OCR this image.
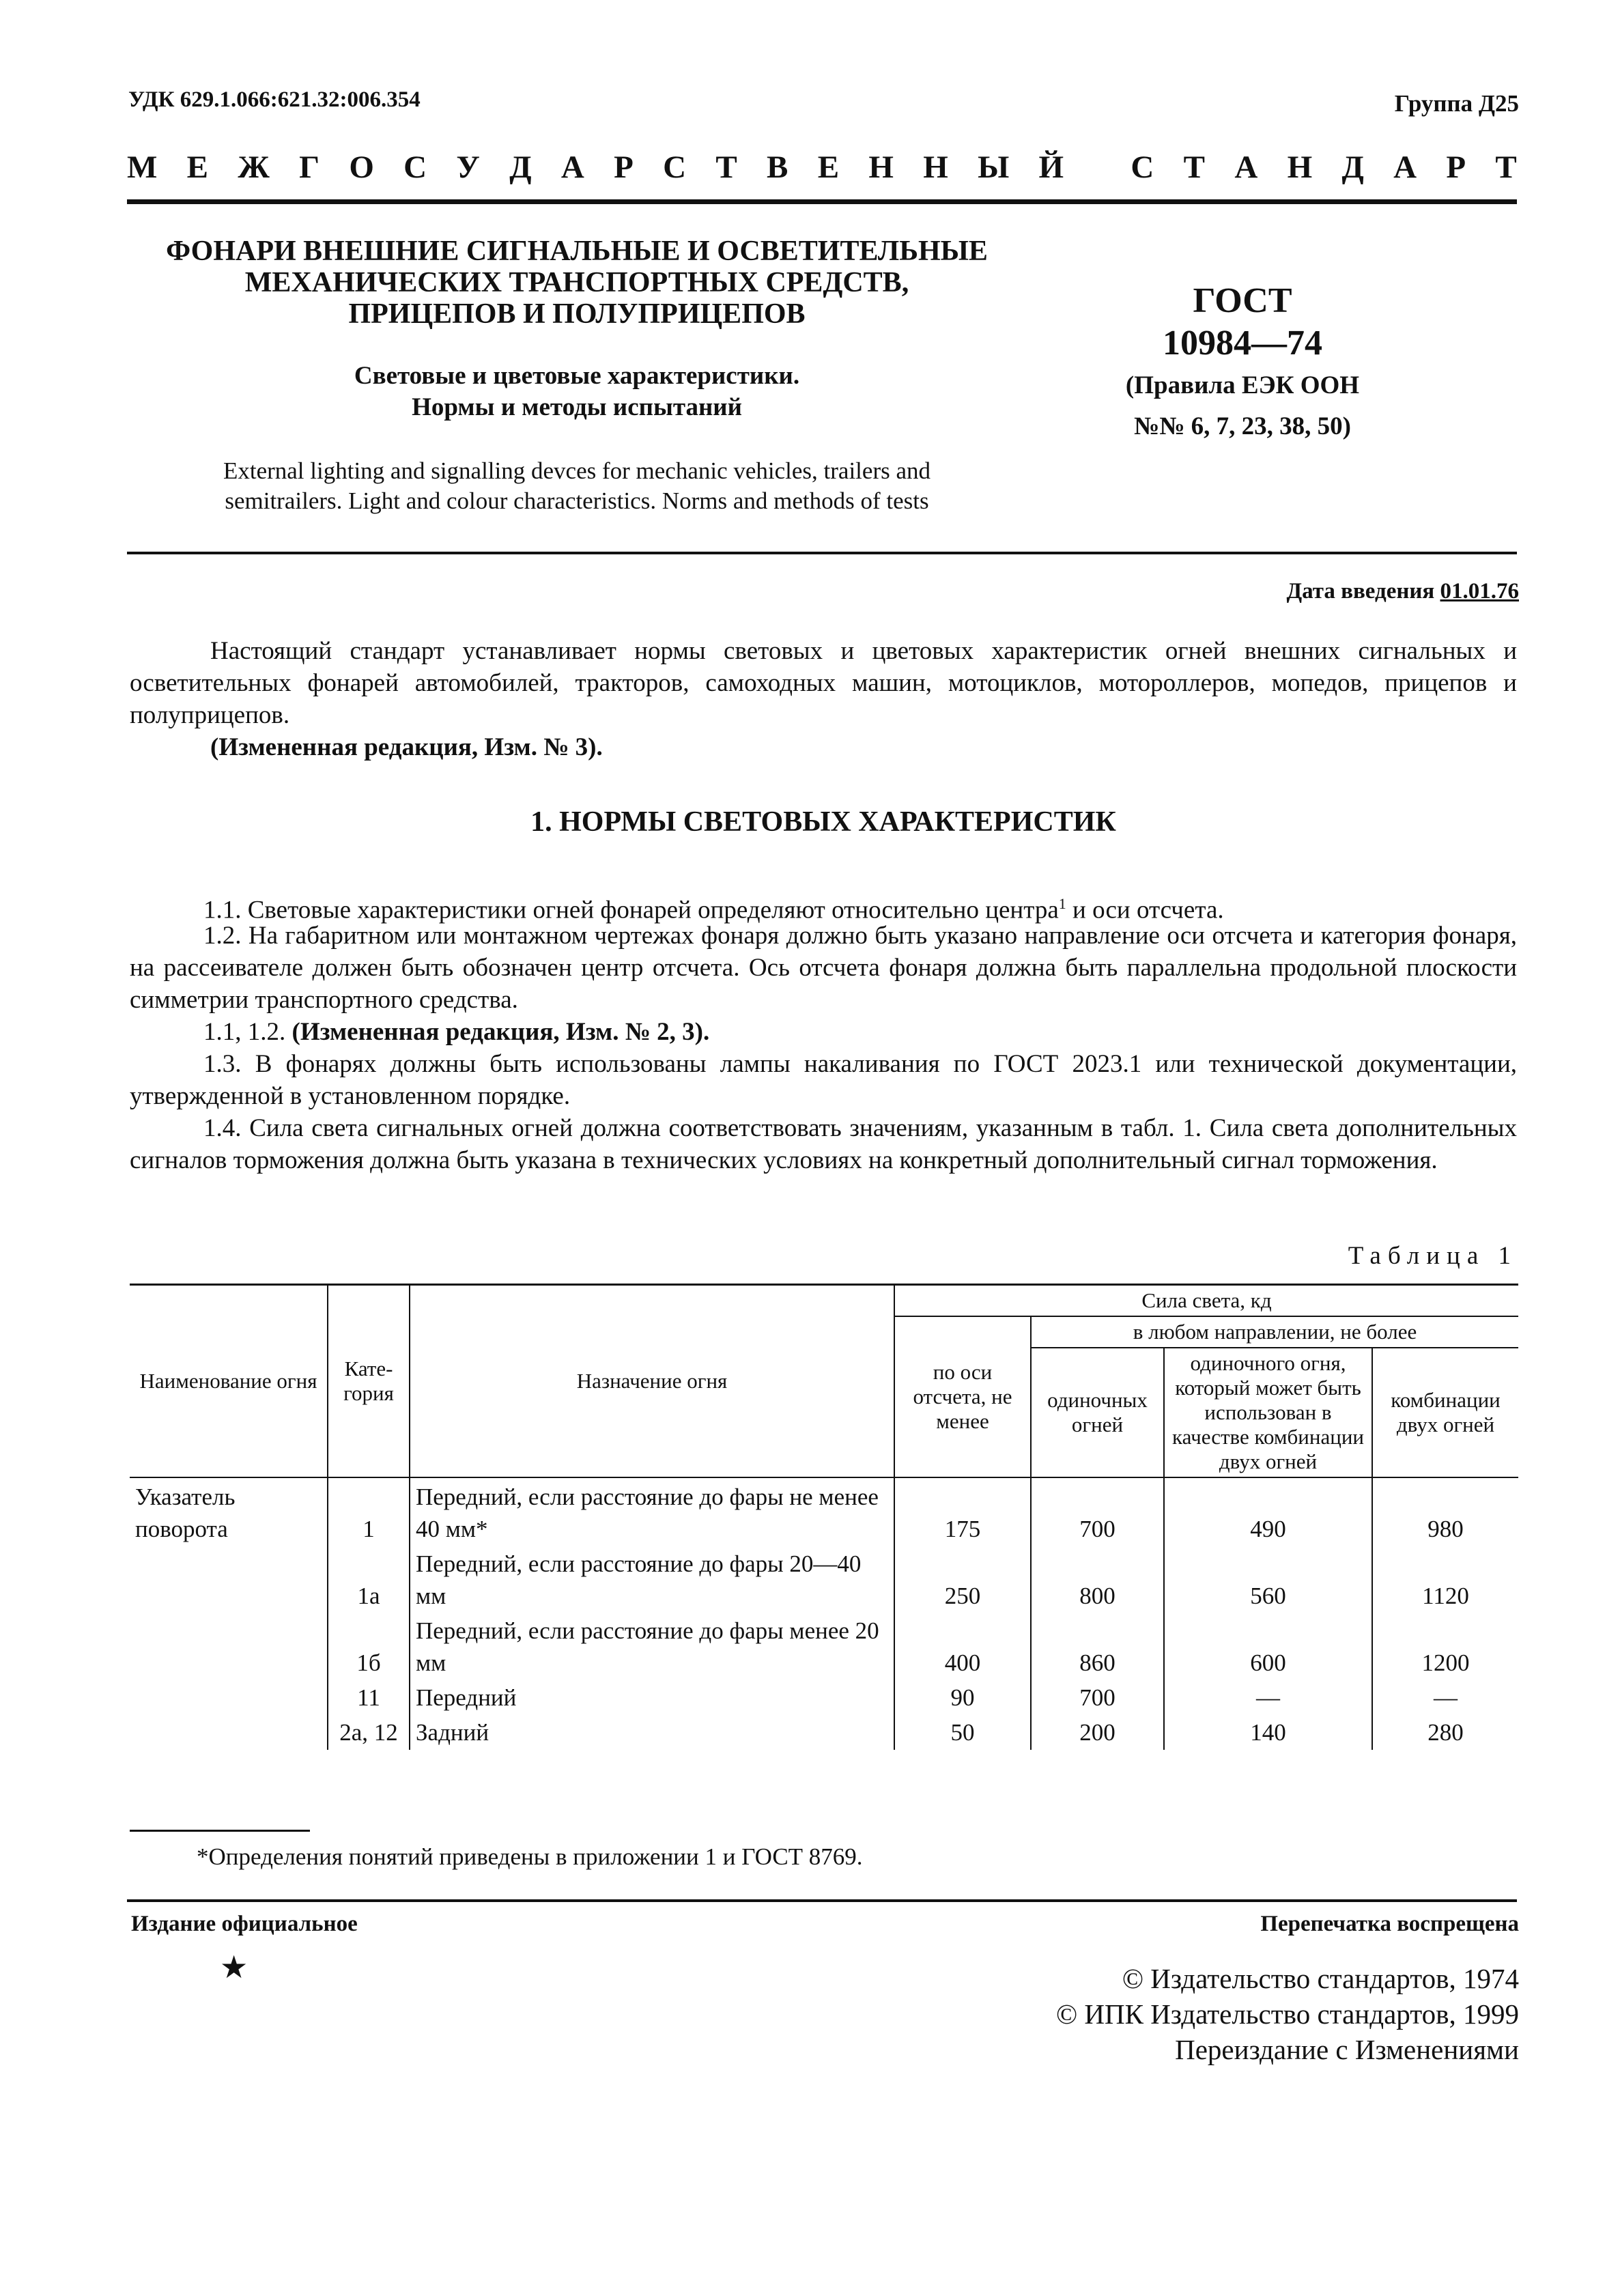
УДК 629.1.066:621.32:006.354	Группа Д25
М Е Ж Г О С У Д А Р С Т В Е Н Н Ы Й
С Т А Н Д А Р Т
ФОНАРИ ВНЕШНИЕ СИГНАЛЬНЫЕ И ОСВЕТИТЕЛЬНЫЕ
МЕХАНИЧЕСКИХ ТРАНСПОРТНЫХ СРЕДСТВ,
ПРИЦЕПОВ И ПОЛУПРИЦЕПОВ
Световые и цветовые характеристики.
Нормы и методы испытаний
External lighting and signalling devces for mechanic vehicles, trailers and
semitrailers. Light and colour characteristics. Norms and methods of tests
ГОСТ
10984—74
(Правила ЕЭК ООН
№№ 6, 7, 23, 38, 50)
Дата введения 01.01.76
Настоящий стандарт устанавливает нормы световых и цветовых характеристик огней внешних сигнальных и осветительных фонарей автомобилей, тракторов, самоходных машин, мотоциклов, мотороллеров, мопедов, прицепов и полуприцепов.
(Измененная редакция, Изм. № 3).
1. НОРМЫ СВЕТОВЫХ ХАРАКТЕРИСТИК
1.1. Световые характеристики огней фонарей определяют относительно центра$^1$ и оси отсчета.
1.2. На габаритном или монтажном чертежах фонаря должно быть указано направление оси отсчета и категория фонаря, на рассеивателе должен быть обозначен центр отсчета. Ось отсчета фонаря должна быть параллельна продольной плоскости симметрии транспортного средства.
1.1, 1.2. (Измененная редакция, Изм. № 2, 3).
1.3. В фонарях должны быть использованы лампы накаливания по ГОСТ 2023.1 или технической документации, утвержденной в установленном порядке.
1.4. Сила света сигнальных огней должна соответствовать значениям, указанным в табл. 1. Сила света дополнительных сигналов торможения должна быть указана в технических условиях на конкретный дополнительный сигнал торможения.
Таблица 1
Наименование огня	Кате-гория	Назначение огня	Сила света, кд			
			по оси отсчета, не менее	в любом направлении, не более		
				одиночных огней	одиночного огня, который может быть использован в качестве комбинации двух огней	комбинации двух огней
Указатель поворота	1	Передний, если расстояние до фары не менее 40 мм*	175	700	490	980
	1а	Передний, если расстояние до фары 20—40 мм	250	800	560	1120
	1б	Передний, если расстояние до фары менее 20 мм	400	860	600	1200
	11	Передний	90	700	—	—
	2а, 12	Задний	50	200	140	280
*Определения понятий приведены в приложении 1 и ГОСТ 8769.
Издание официальное	Перепечатка воспрещена
★	© Издательство стандартов, 1974
© ИПК Издательство стандартов, 1999
Переиздание с Изменениями
